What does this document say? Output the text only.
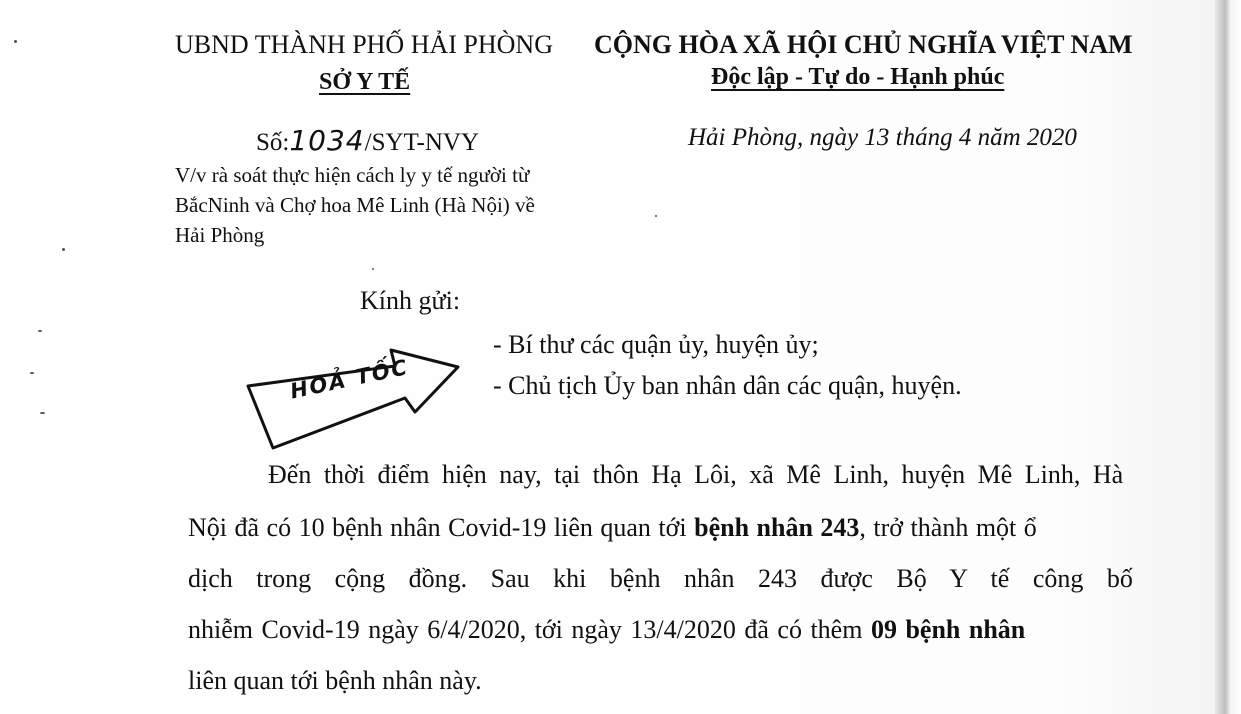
UBND THÀNH PHỐ HẢI PHÒNG
SỞ Y TẾ
CỘNG HÒA XÃ HỘI CHỦ NGHĨA VIỆT NAM
Độc lập - Tự do - Hạnh phúc
Số:1034/SYT-NVY	Hải Phòng, ngày 13 tháng 4 năm 2020
V/v rà soát thực hiện cách ly y tế người từ
BắcNinh và Chợ hoa Mê Linh (Hà Nội) về
Hải Phòng
Kính gửi:
- Bí thư các quận ủy, huyện ủy;
- Chủ tịch Ủy ban nhân dân các quận, huyện.
HOẢ TỐC
Đến thời điểm hiện nay, tại thôn Hạ Lôi, xã Mê Linh, huyện Mê Linh, Hà
Nội đã có 10 bệnh nhân Covid-19 liên quan tới bệnh nhân 243, trở thành một ổ
dịch trong cộng đồng. Sau khi bệnh nhân 243 được Bộ Y tế công bố
nhiễm Covid-19 ngày 6/4/2020, tới ngày 13/4/2020 đã có thêm 09 bệnh nhân
liên quan tới bệnh nhân này.
